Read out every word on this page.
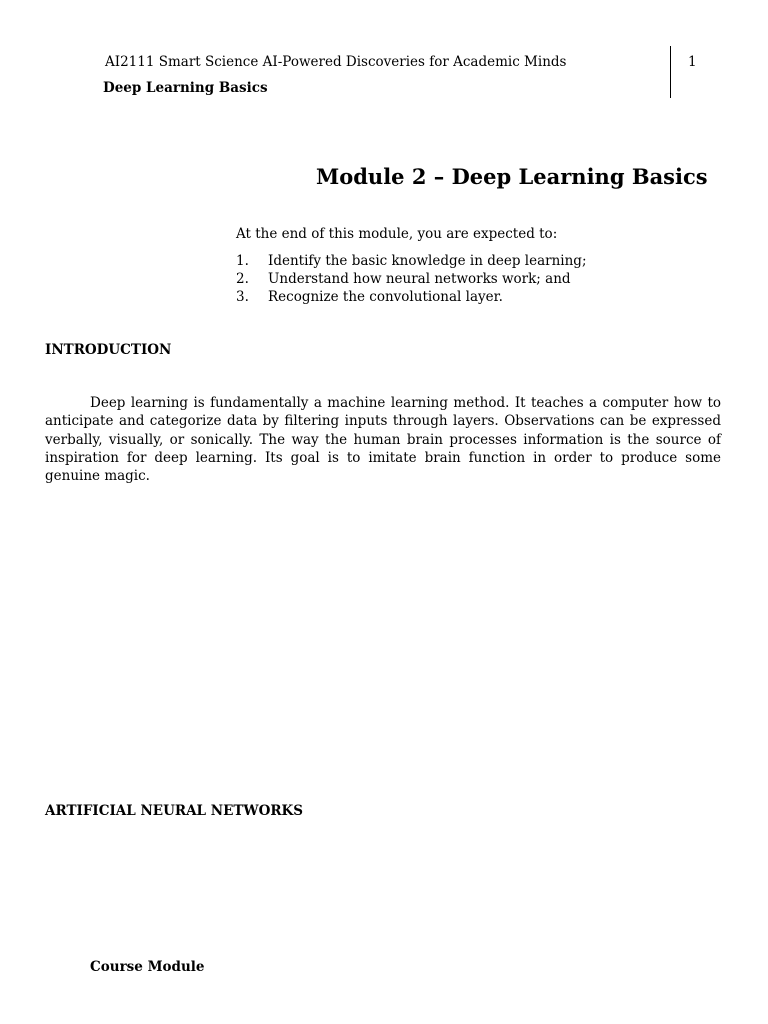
AI2111 Smart Science AI-Powered Discoveries for Academic Minds
Deep Learning Basics
1
Module 2 – Deep Learning Basics
At the end of this module, you are expected to:
1. Identify the basic knowledge in deep learning;
2. Understand how neural networks work; and
3. Recognize the convolutional layer.
INTRODUCTION

Deep learning is fundamentally a machine learning method. It teaches a computer how to anticipate and categorize data by filtering inputs through layers. Observations can be expressed verbally, visually, or sonically. The way the human brain processes information is the source of inspiration for deep learning. Its goal is to imitate brain function in order to produce some genuine magic.

ARTIFICIAL NEURAL NETWORKS
Course Module
